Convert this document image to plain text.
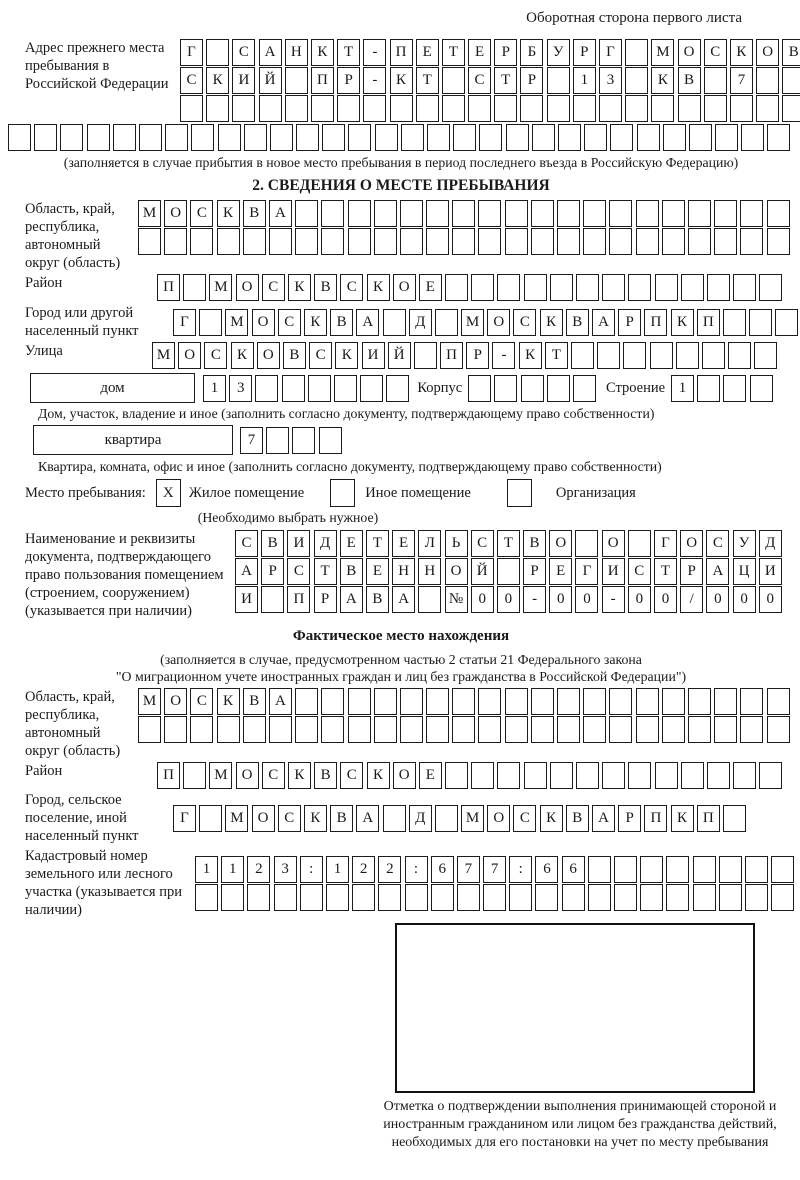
Оборотная сторона первого листа
Адрес прежнего места пребывания в Российской Федерации
Г	С	А	Н	К	Т	-	П	Е	Т	Е	Р	Б	У	Р	Г	М О	С	К	О	В
С	К	И	Й	П	Р	-	К	Т	С	Т	Р	1	3	К	В	7
(заполняется в случае прибытия в новое место пребывания в период последнего въезда в Российскую Федерацию)
2. СВЕДЕНИЯ О МЕСТЕ ПРЕБЫВАНИЯ
Область, край, республика, автономный округ (область)
М О	С	К	В	А
Район	П	М О	С	К	В	С	К	О	Е
Город или другой населенный пункт
Г	М О	С	К	В	А	Д	М О	С	К	В	А	Р	П	К	П
Улица	М О	С	К	О	В	С	К	И	Й	П	Р	-	К	Т
дом	1	3	Корпус	Строение 1
Дом, участок, владение и иное (заполнить согласно документу, подтверждающему право собственности)
квартира	7
Квартира, комната, офис и иное (заполнить согласно документу, подтверждающему право собственности)
Место пребывания:	X	Жилое помещение	Иное помещение	Организация
(Необходимо выбрать нужное)
Наименование и реквизиты документа, подтверждающего право пользования помещением (строением, сооружением) (указывается при наличии)
С	В	И	Д	Е	Т	Е	Л	Ь	С	Т	В	О	О	Г	О	С	У	Д
А	Р	С	Т	В	Е	Н	Н	О	Й	Р	Е	Г	И	С	Т	Р	А	Ц	И
И	П	Р	А	В	А	№	0	0	-	0	0	-	0	0	/	0	0	0
Фактическое место нахождения
(заполняется в случае, предусмотренном частью 2 статьи 21 Федерального закона
"О миграционном учете иностранных граждан и лиц без гражданства в Российской Федерации")
Область, край, республика, автономный округ (область)
М О	С	К	В	А
Район	П	М О	С	К	В	С	К	О	Е
Город, сельское поселение, иной населенный пункт
Г	М О	С	К	В	А	Д	М О	С	К	В	А	Р	П	К	П
Кадастровый номер земельного или лесного участка (указывается при наличии)
1	1	2	3	:	1	2	2	:	6	7	7	:	6	6
Отметка о подтверждении выполнения принимающей стороной и иностранным гражданином или лицом без гражданства действий, необходимых для его постановки на учет по месту пребывания
